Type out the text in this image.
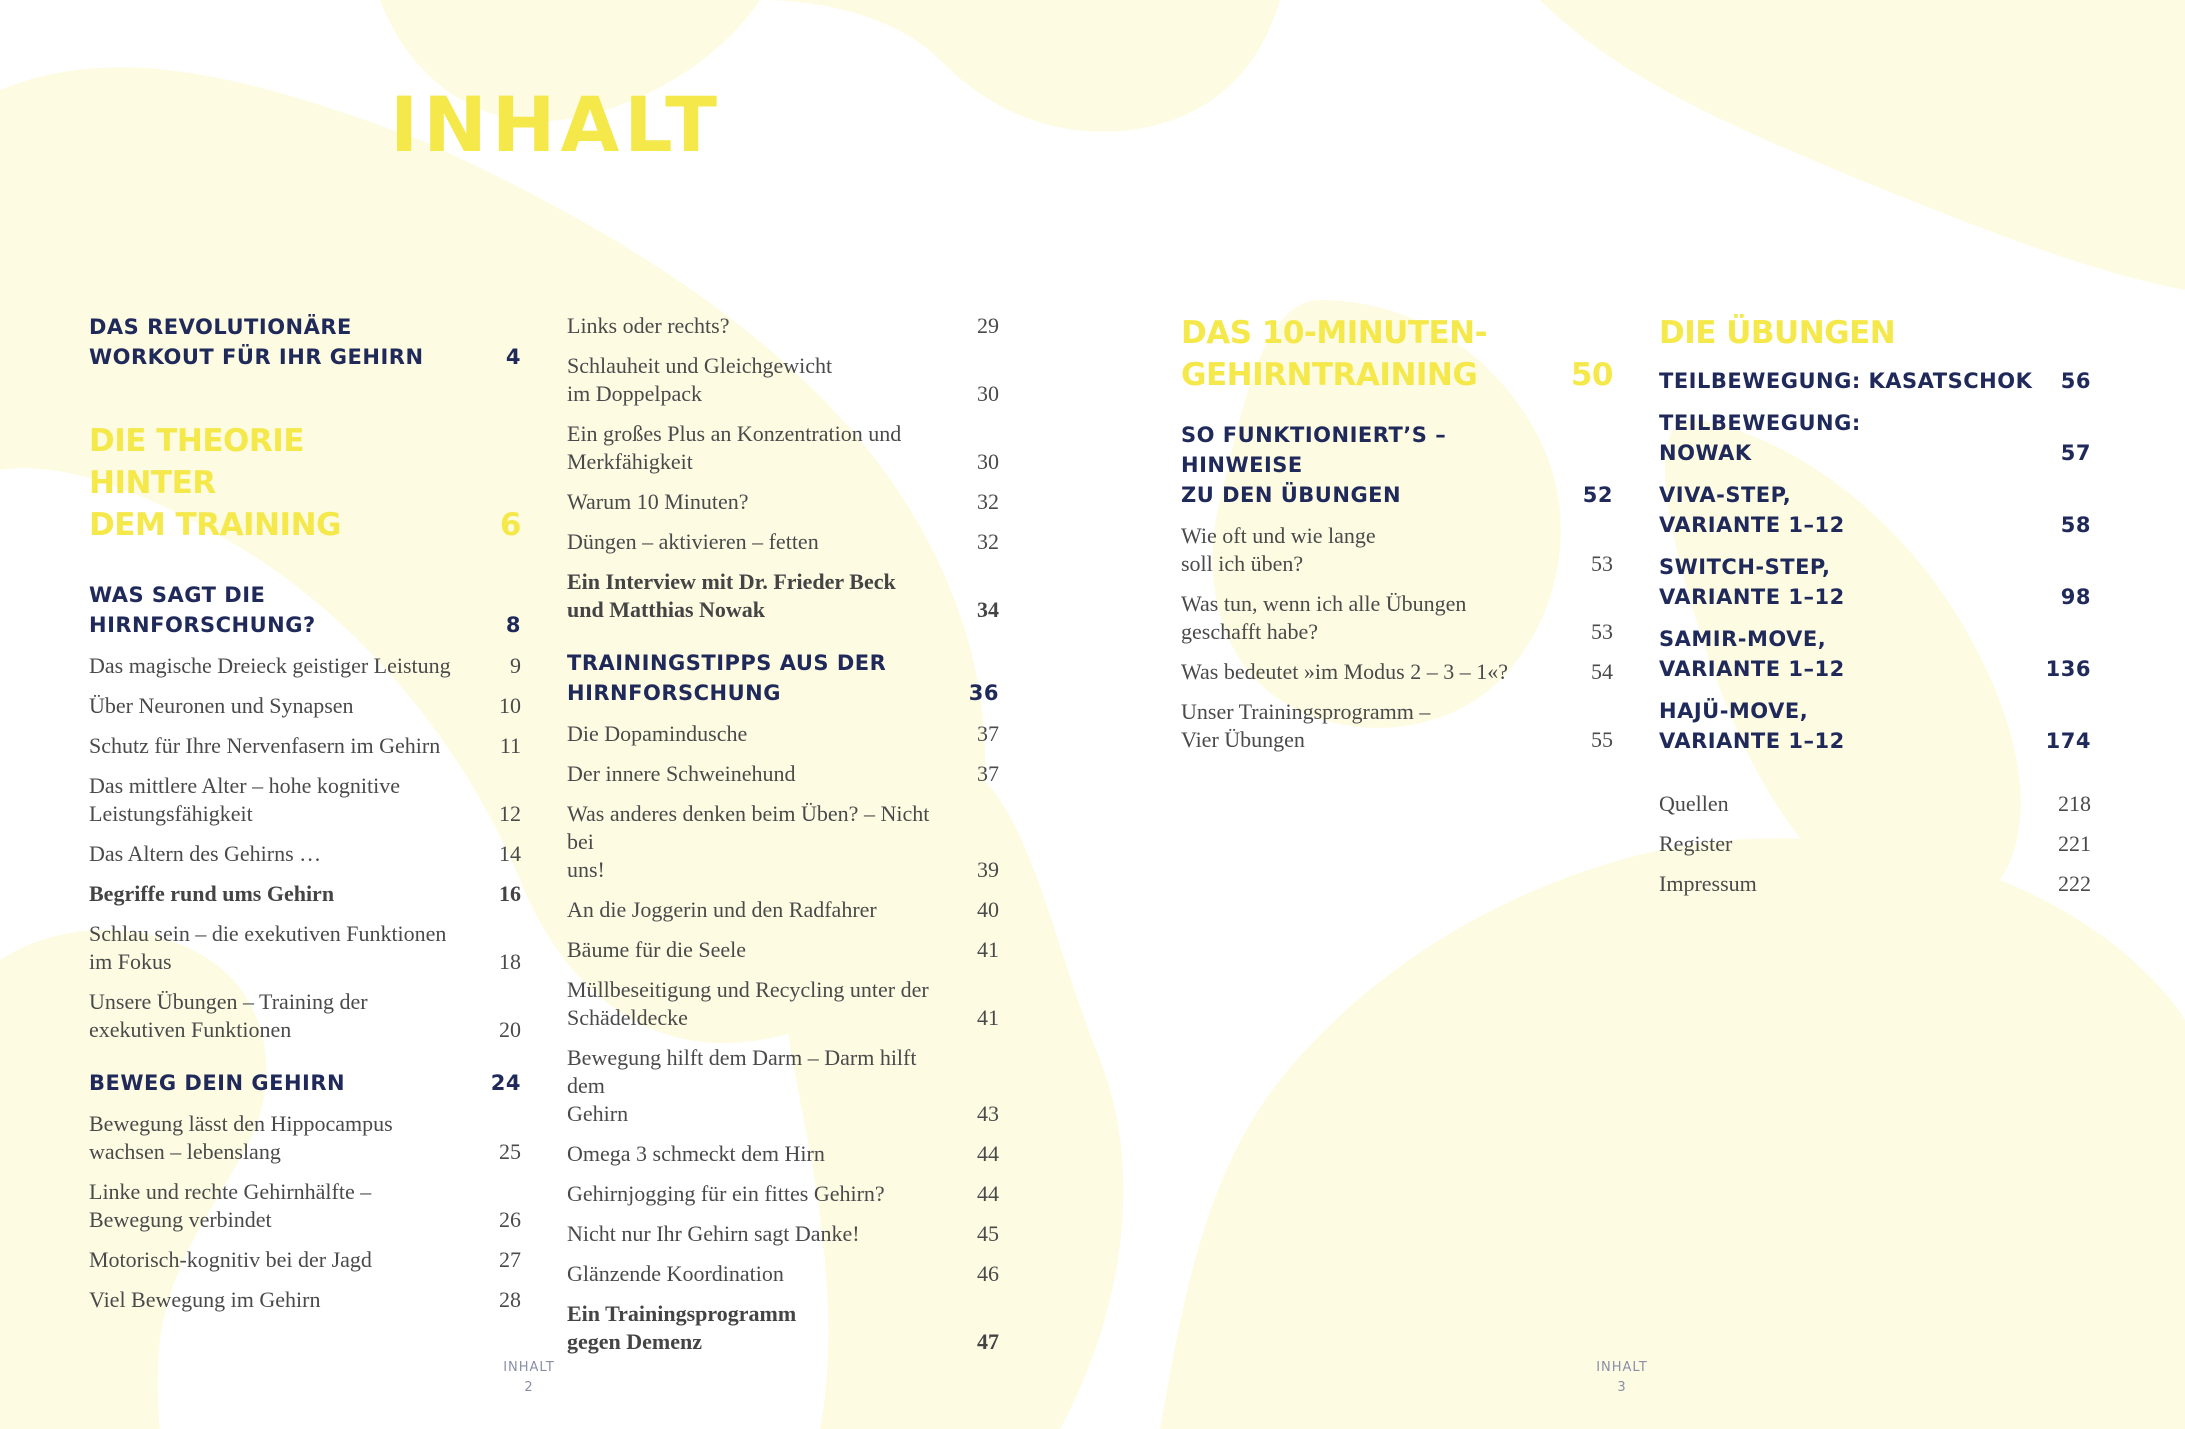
INHALT
DAS REVOLUTIONÄRE
WORKOUT FÜR IHR GEHIRN	4
DIE THEORIE
HINTER
DEM TRAINING	6
WAS SAGT DIE
HIRNFORSCHUNG?	8
Das magische Dreieck geistiger Leistung	9
Über Neuronen und Synapsen	10
Schutz für Ihre Nervenfasern im Gehirn	11
Das mittlere Alter – hohe kognitive
Leistungsfähigkeit	12
Das Altern des Gehirns …	14
Begriffe rund ums Gehirn	16
Schlau sein – die exekutiven Funktionen
im Fokus	18
Unsere Übungen – Training der
exekutiven Funktionen	20
BEWEG DEIN GEHIRN	24
Bewegung lässt den Hippocampus
wachsen – lebenslang	25
Linke und rechte Gehirnhälfte –
Bewegung verbindet	26
Motorisch-kognitiv bei der Jagd	27
Viel Bewegung im Gehirn	28
Links oder rechts?	29
Schlauheit und Gleichgewicht
im Doppelpack	30
Ein großes Plus an Konzentration und
Merkfähigkeit	30
Warum 10 Minuten?	32
Düngen – aktivieren – fetten	32
Ein Interview mit Dr. Frieder Beck
und Matthias Nowak	34
TRAININGSTIPPS AUS DER
HIRNFORSCHUNG	36
Die Dopamindusche	37
Der innere Schweinehund	37
Was anderes denken beim Üben? – Nicht bei
uns!	39
An die Joggerin und den Radfahrer	40
Bäume für die Seele	41
Müllbeseitigung und Recycling unter der
Schädeldecke	41
Bewegung hilft dem Darm – Darm hilft dem
Gehirn	43
Omega 3 schmeckt dem Hirn	44
Gehirnjogging für ein fittes Gehirn?	44
Nicht nur Ihr Gehirn sagt Danke!	45
Glänzende Koordination	46
Ein Trainingsprogramm
gegen Demenz	47
DAS 10-MINUTEN-
GEHIRNTRAINING	50
SO FUNKTIONIERT’S – HINWEISE
ZU DEN ÜBUNGEN	52
Wie oft und wie lange
soll ich üben?	53
Was tun, wenn ich alle Übungen
geschafft habe?	53
Was bedeutet »im Modus 2 – 3 – 1«?	54
Unser Trainingsprogramm –
Vier Übungen	55
DIE ÜBUNGEN
TEILBEWEGUNG: KASATSCHOK	56
TEILBEWEGUNG:
NOWAK	57
VIVA-STEP,
VARIANTE 1–12	58
SWITCH-STEP,
VARIANTE 1–12	98
SAMIR-MOVE,
VARIANTE 1–12	136
HAJÜ-MOVE,
VARIANTE 1–12	174
Quellen	218
Register	221
Impressum	222
INHALT
2
INHALT
3
